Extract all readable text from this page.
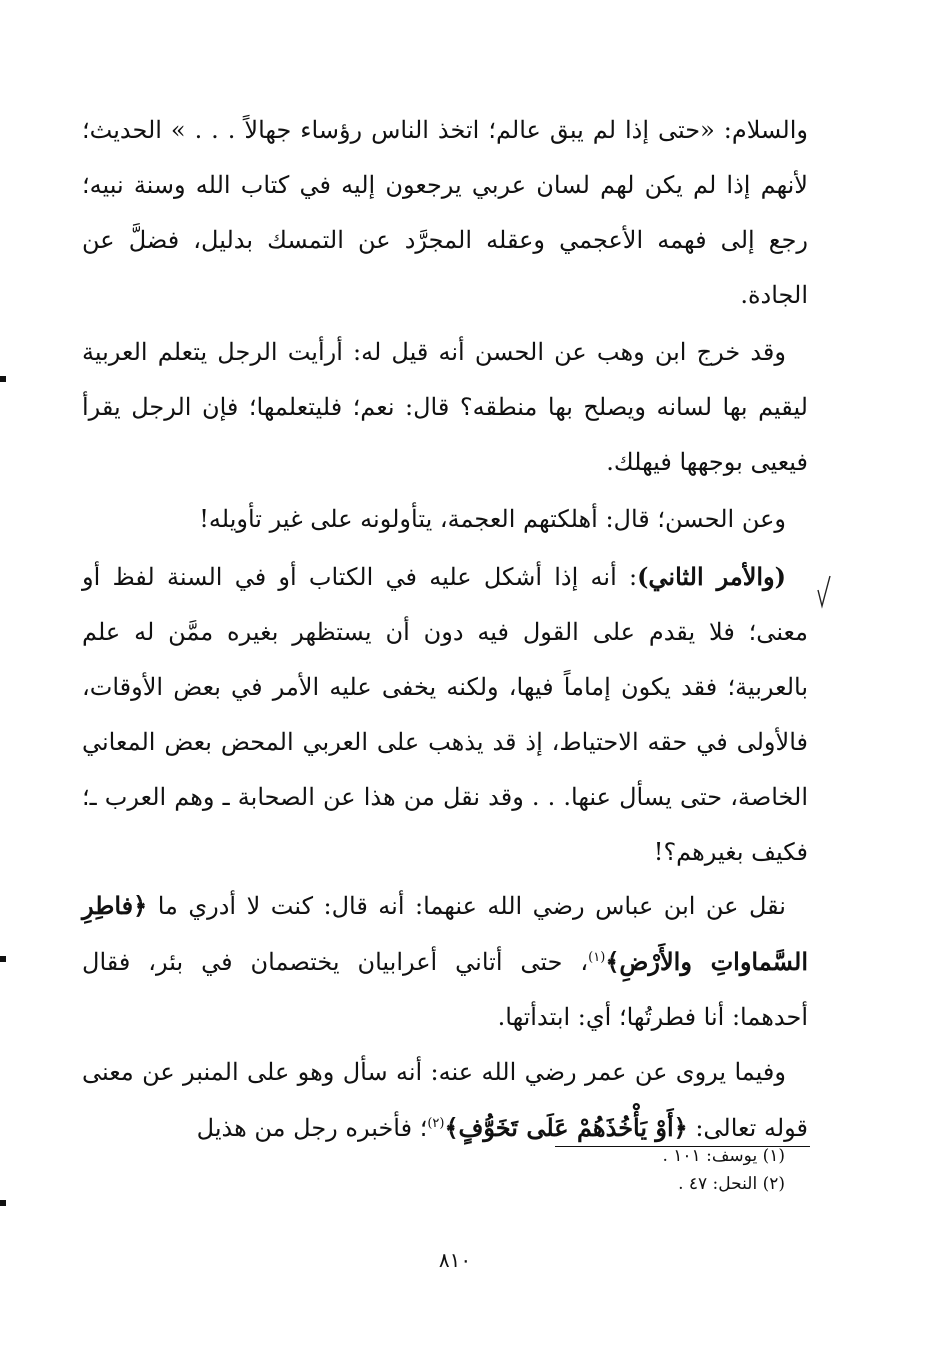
والسلام: «حتى إذا لم يبق عالم؛ اتخذ الناس رؤساء جهالاً . . . » الحديث؛ لأنهم إذا لم يكن لهم لسان عربي يرجعون إليه في كتاب الله وسنة نبيه؛ رجع إلى فهمه الأعجمي وعقله المجرَّد عن التمسك بدليل، فضلَّ عن الجادة.

وقد خرج ابن وهب عن الحسن أنه قيل له: أرأيت الرجل يتعلم العربية ليقيم بها لسانه ويصلح بها منطقه؟ قال: نعم؛ فليتعلمها؛ فإن الرجل يقرأ فيعيى بوجهها فيهلك.

وعن الحسن؛ قال: أهلكتهم العجمة، يتأولونه على غير تأويله!

(والأمر الثاني): أنه إذا أشكل عليه في الكتاب أو في السنة لفظ أو معنى؛ فلا يقدم على القول فيه دون أن يستظهر بغيره ممَّن له علم بالعربية؛ فقد يكون إماماً فيها، ولكنه يخفى عليه الأمر في بعض الأوقات، فالأولى في حقه الاحتياط، إذ قد يذهب على العربي المحض بعض المعاني الخاصة، حتى يسأل عنها. . . وقد نقل من هذا عن الصحابة ـ وهم العرب ـ؛ فكيف بغيرهم؟!

نقل عن ابن عباس رضي الله عنهما: أنه قال: كنت لا أدري ما ﴿فاطِرِ السَّماواتِ والأَرْضِ﴾$^{(١)}$، حتى أتاني أعرابيان يختصمان في بئر، فقال أحدهما: أنا فطرتُها؛ أي: ابتدأتها.

وفيما يروى عن عمر رضي الله عنه: أنه سأل وهو على المنبر عن معنى قوله تعالى: ﴿أَوْ يَأْخُذَهُمْ عَلَى تَخَوُّفٍ﴾$^{(٢)}$؛ فأخبره رجل من هذيل

(١) يوسف: ١٠١ .

(٢) النحل: ٤٧ .

٨١٠
